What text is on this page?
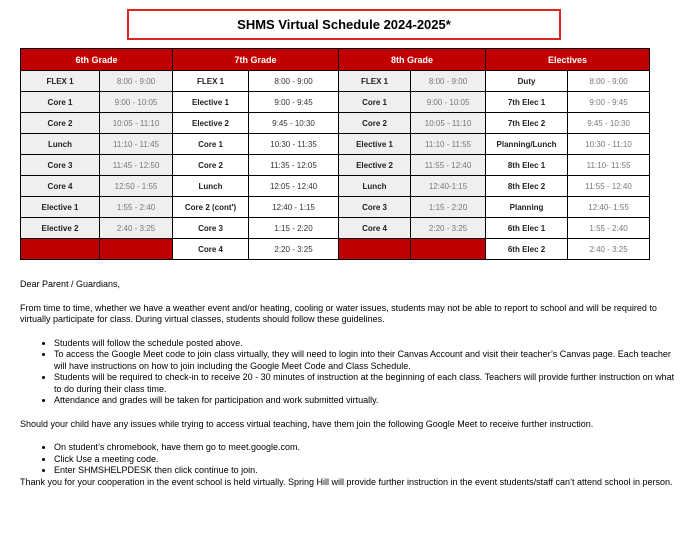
SHMS Virtual Schedule 2024-2025*
6th Grade		7th Grade		8th Grade		Electives	
FLEX 1	8:00 - 9:00	FLEX 1	8:00 - 9:00	FLEX 1	8:00 - 9:00	Duty	8:00 - 9:00
Core 1	9:00 - 10:05	Elective 1	9:00 - 9:45	Core 1	9:00 - 10:05	7th Elec 1	9:00 - 9:45
Core 2	10:05 - 11:10	Elective 2	9:45 - 10:30	Core 2	10:05 - 11:10	7th Elec 2	9:45 - 10:30
Lunch	11:10 - 11:45	Core 1	10:30 - 11:35	Elective 1	11:10 - 11:55	Planning/Lunch	10:30 - 11:10
Core 3	11:45 - 12:50	Core 2	11:35 - 12:05	Elective 2	11:55 - 12:40	8th Elec 1	11:10- 11:55
Core 4	12:50 - 1:55	Lunch	12:05 - 12:40	Lunch	12:40-1:15	8th Elec 2	11:55 - 12:40
Elective 1	1:55 - 2:40	Core 2 (cont')	12:40 - 1:15	Core 3	1:15 - 2:20	Planning	12:40- 1:55
Elective 2	2:40 - 3:25	Core 3	1:15 - 2:20	Core 4	2:20 - 3:25	6th Elec 1	1:55 - 2:40
		Core 4	2:20 - 3:25			6th Elec 2	2:40 - 3:25

Dear Parent / Guardians,

From time to time, whether we have a weather event and/or heating, cooling or water issues, students may not be able to report to school and will be required to virtually participate for class. During virtual classes, students should follow these guidelines.

• Students will follow the schedule posted above.
• To access the Google Meet code to join class virtually, they will need to login into their Canvas Account and visit their teacher’s Canvas page. Each teacher will have instructions on how to join including the Google Meet Code and Class Schedule.
• Students will be required to check-in to receive 20 - 30 minutes of instruction at the beginning of each class. Teachers will provide further instruction on what to do during their class time.
• Attendance and grades will be taken for participation and work submitted virtually.

Should your child have any issues while trying to access virtual teaching, have them join the following Google Meet to receive further instruction.

• On student’s chromebook, have them go to meet.google.com.
• Click Use a meeting code.
• Enter SHMSHELPDESK then click continue to join.

Thank you for your cooperation in the event school is held virtually. Spring Hill will provide further instruction in the event students/staff can’t attend school in person.
